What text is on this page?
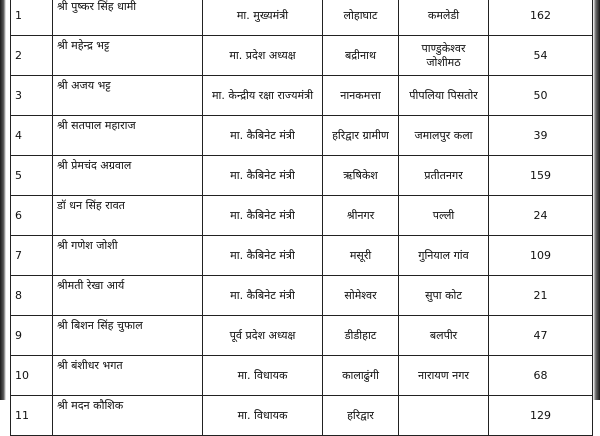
1	श्री पुष्कर सिंह धामी	मा. मुख्यमंत्री	लोहाघाट	कमलेडी	162
2	श्री महेन्द्र भट्ट	मा. प्रदेश अध्यक्ष	बद्रीनाथ	पाण्डुकेश्वर जोशीमठ	54
3	श्री अजय भट्ट	मा. केन्द्रीय रक्षा राज्यमंत्री	नानकमत्ता	पीपलिया पिसतोर	50
4	श्री सतपाल महाराज	मा. कैबिनेट मंत्री	हरिद्वार ग्रामीण	जमालपुर कला	39
5	श्री प्रेमचंद अग्रवाल	मा. कैबिनेट मंत्री	ऋषिकेश	प्रतीतनगर	159
6	डॉ धन सिंह रावत	मा. कैबिनेट मंत्री	श्रीनगर	पल्ली	24
7	श्री गणेश जोशी	मा. कैबिनेट मंत्री	मसूरी	गुनियाल गांव	109
8	श्रीमती रेखा आर्य	मा. कैबिनेट मंत्री	सोमेश्वर	सुपा कोट	21
9	श्री बिशन सिंह चुफाल	पूर्व प्रदेश अध्यक्ष	डीडीहाट	बलपीर	47
10	श्री बंशीधर भगत	मा. विधायक	कालाढुंगी	नारायण नगर	68
11	श्री मदन कौशिक	मा. विधायक	हरिद्वार		129
